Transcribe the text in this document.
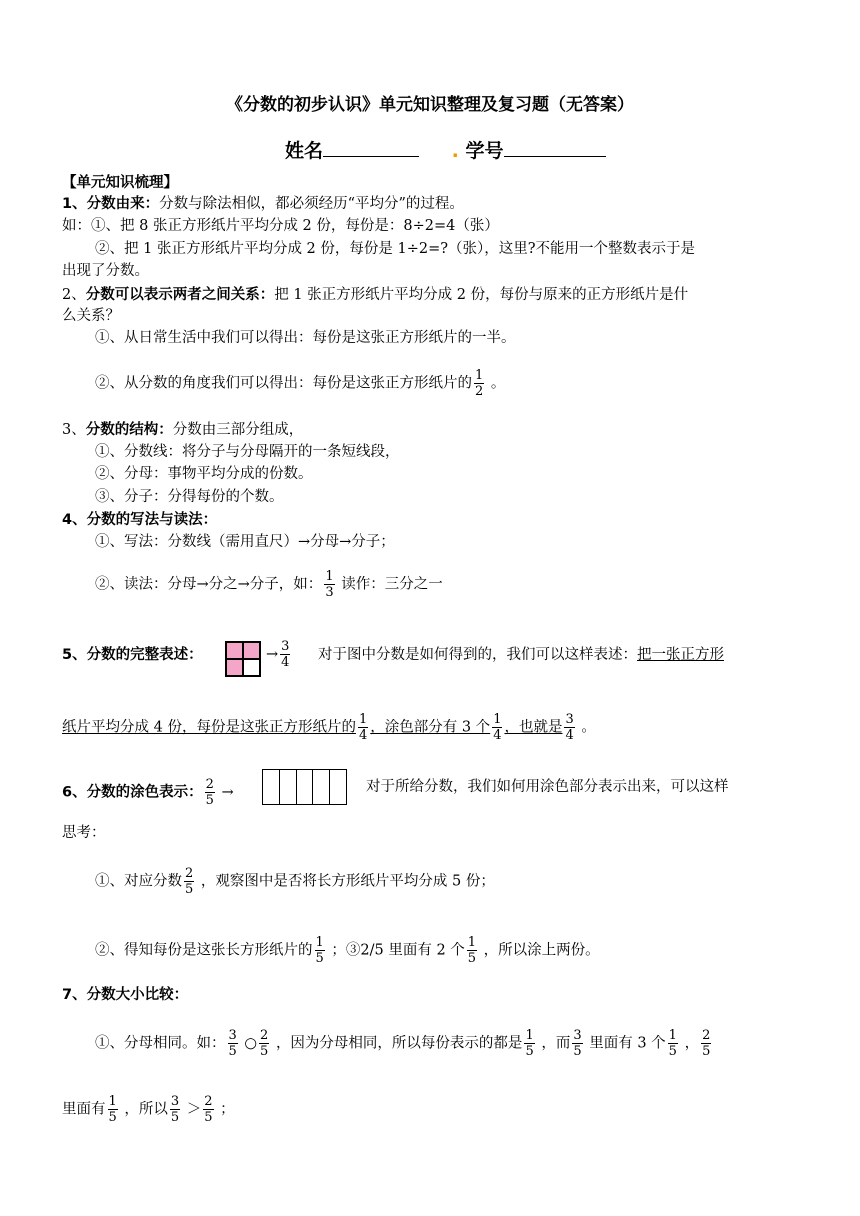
《分数的初步认识》单元知识整理及复习题（无答案）
姓名	. 学号
【单元知识梳理】
1、分数由来：分数与除法相似，都必须经历“平均分”的过程。
如：①、把 8 张正方形纸片平均分成 2 份，每份是：8÷2=4（张）
②、把 1 张正方形纸片平均分成 2 份，每份是 1÷2=?（张），这里?不能用一个整数表示于是
出现了分数。
2、分数可以表示两者之间关系：把 1 张正方形纸片平均分成 2 份，每份与原来的正方形纸片是什
么关系？
①、从日常生活中我们可以得出：每份是这张正方形纸片的一半。
②、从分数的角度我们可以得出：每份是这张正方形纸片的 $\frac{1}{2}$ 。
3、分数的结构：分数由三部分组成，
①、分数线：将分子与分母隔开的一条短线段，
②、分母：事物平均分成的份数。
③、分子：分得每份的个数。
4、分数的写法与读法：
①、写法：分数线（需用直尺）→分母→分子；
②、读法：分母→分之→分子，如： $\frac{1}{3}$ 读作：三分之一
5、分数的完整表述：	→ $\frac{3}{4}$ 对于图中分数是如何得到的，我们可以这样表述：把一张正方形
纸片平均分成 4 份，每份是这张正方形纸片的 $\frac{1}{4}$ ，涂色部分有 3 个 $\frac{1}{4}$ ，也就是 $\frac{3}{4}$ 。
6、分数的涂色表示： $\frac{2}{5}$ →	对于所给分数，我们如何用涂色部分表示出来，可以这样
思考：
①、对应分数 $\frac{2}{5}$ ，观察图中是否将长方形纸片平均分成 5 份；
②、得知每份是这张长方形纸片的 $\frac{1}{5}$ ；③2/5 里面有 2 个 $\frac{1}{5}$ ，所以涂上两份。
7、分数大小比较：
①、分母相同。如： $\frac{3}{5}$ ○ $\frac{2}{5}$ ，因为分母相同，所以每份表示的都是 $\frac{1}{5}$ ，而 $\frac{3}{5}$ 里面有 3 个 $\frac{1}{5}$ ， $\frac{2}{5}$
里面有 $\frac{1}{5}$ ，所以 $\frac{3}{5} > \frac{2}{5}$ ；
